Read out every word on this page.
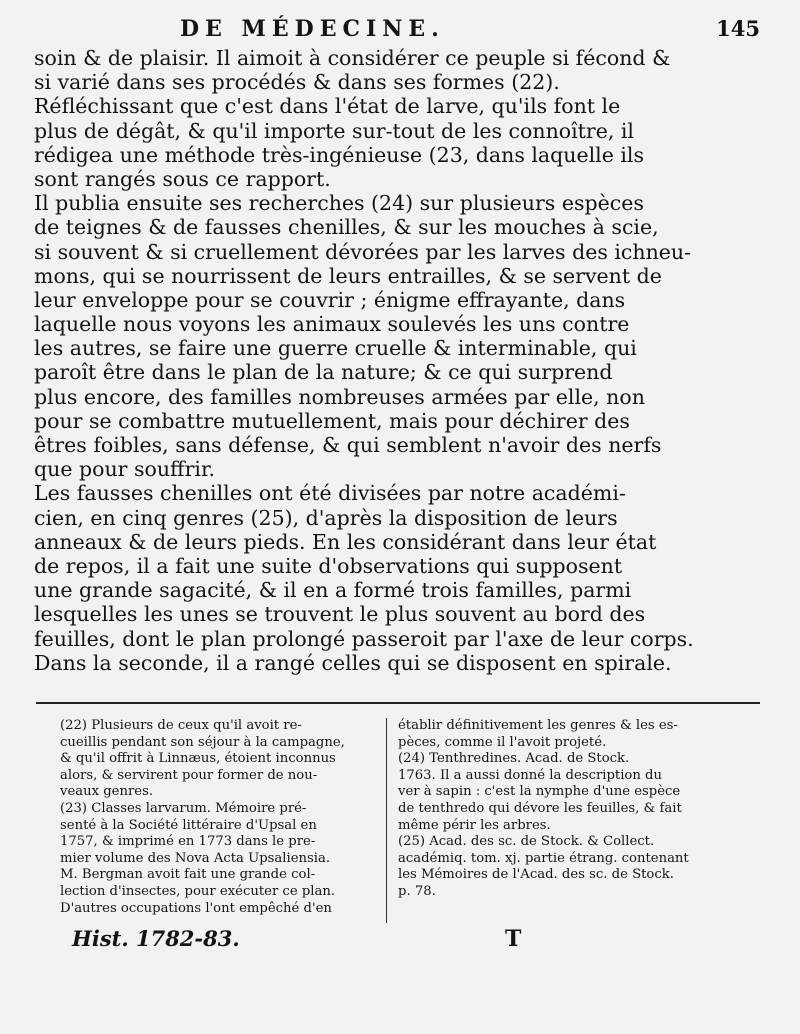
DE MÉDECINE.	145
soin & de plaisir. Il aimoit à considérer ce peuple si fécond &
si varié dans ses procédés & dans ses formes (22).
Réfléchissant que c'est dans l'état de larve, qu'ils font le
plus de dégât, & qu'il importe sur-tout de les connoître, il
rédigea une méthode très-ingénieuse (23, dans laquelle ils
sont rangés sous ce rapport.
Il publia ensuite ses recherches (24) sur plusieurs espèces
de teignes & de fausses chenilles, & sur les mouches à scie,
si souvent & si cruellement dévorées par les larves des ichneu-
mons, qui se nourrissent de leurs entrailles, & se servent de
leur enveloppe pour se couvrir ; énigme effrayante, dans
laquelle nous voyons les animaux soulevés les uns contre
les autres, se faire une guerre cruelle & interminable, qui
paroît être dans le plan de la nature; & ce qui surprend
plus encore, des familles nombreuses armées par elle, non
pour se combattre mutuellement, mais pour déchirer des
êtres foibles, sans défense, & qui semblent n'avoir des nerfs
que pour souffrir.
Les fausses chenilles ont été divisées par notre académi-
cien, en cinq genres (25), d'après la disposition de leurs
anneaux & de leurs pieds. En les considérant dans leur état
de repos, il a fait une suite d'observations qui supposent
une grande sagacité, & il en a formé trois familles, parmi
lesquelles les unes se trouvent le plus souvent au bord des
feuilles, dont le plan prolongé passeroit par l'axe de leur corps.
Dans la seconde, il a rangé celles qui se disposent en spirale.
(22) Plusieurs de ceux qu'il avoit re-
cueillis pendant son séjour à la campagne,
& qu'il offrit à Linnæus, étoient inconnus
alors, & servirent pour former de nou-
veaux genres.
(23) Classes larvarum. Mémoire pré-
senté à la Société littéraire d'Upsal en
1757, & imprimé en 1773 dans le pre-
mier volume des Nova Acta Upsaliensia.
M. Bergman avoit fait une grande col-
lection d'insectes, pour exécuter ce plan.
D'autres occupations l'ont empêché d'en
établir définitivement les genres & les es-
pèces, comme il l'avoit projeté.
(24) Tenthredines. Acad. de Stock.
1763. Il a aussi donné la description du
ver à sapin : c'est la nymphe d'une espèce
de tenthredo qui dévore les feuilles, & fait
même périr les arbres.
(25) Acad. des sc. de Stock. & Collect.
académiq. tom. xj. partie étrang. contenant
les Mémoires de l'Acad. des sc. de Stock.
p. 78.
Hist. 1782-83.	T
